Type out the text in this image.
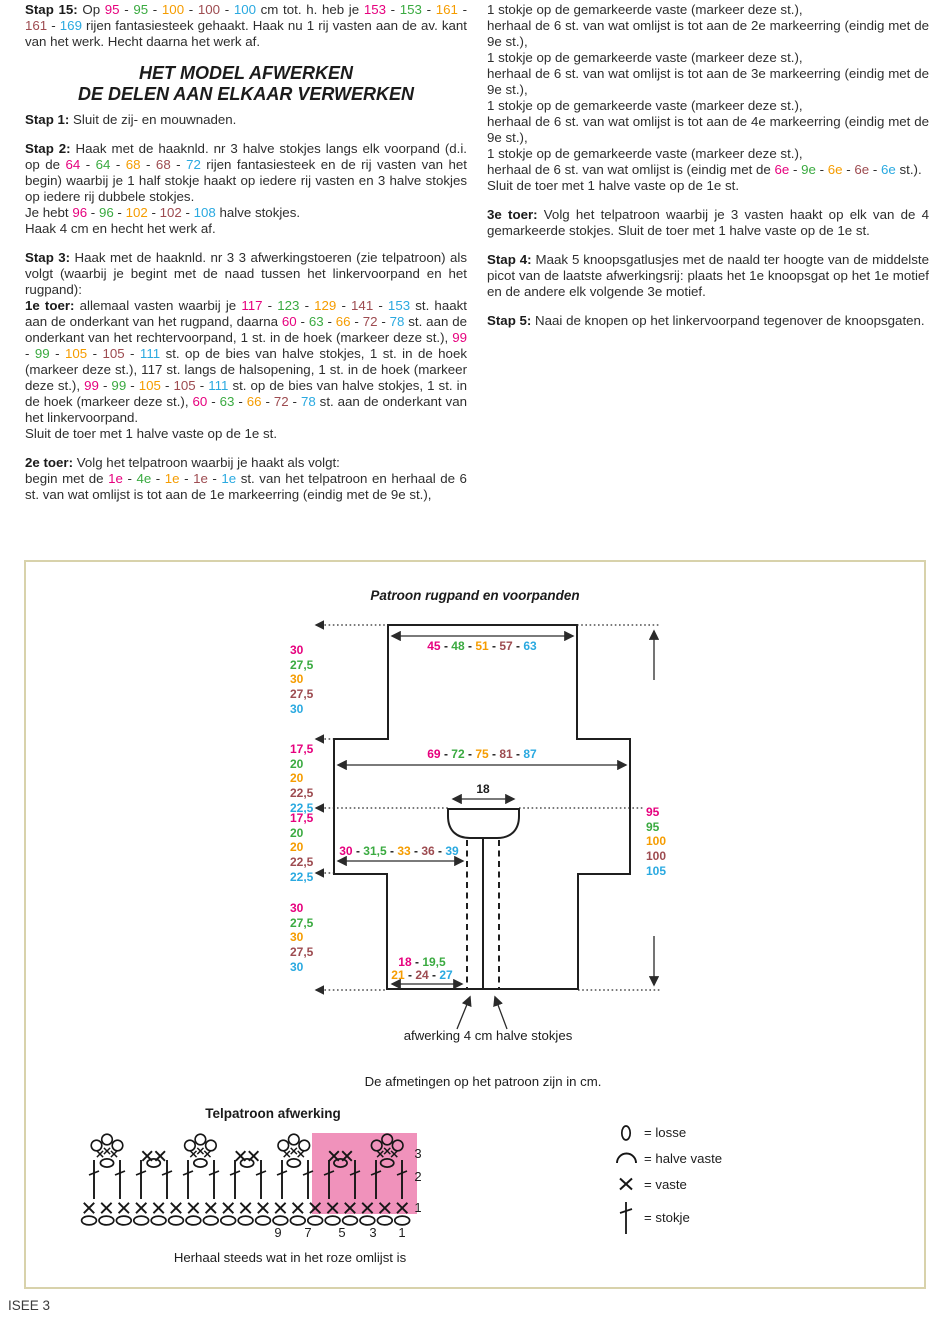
Stap 15: Op 95 - 95 - 100 - 100 - 100 cm tot. h. heb je 153 - 153 - 161 - 161 - 169 rijen fantasiesteek gehaakt. Haak nu 1 rij vasten aan de av. kant van het werk. Hecht daarna het werk af.

HET MODEL AFWERKEN
DE DELEN AAN ELKAAR VERWERKEN

Stap 1: Sluit de zij- en mouwnaden.

Stap 2: Haak met de haaknld. nr 3 halve stokjes langs elk voorpand (d.i. op de 64 - 64 - 68 - 68 - 72 rijen fantasiesteek en de rij vasten van het begin) waarbij je 1 half stokje haakt op iedere rij vasten en 3 halve stokjes op iedere rij dubbele stokjes.
Je hebt 96 - 96 - 102 - 102 - 108 halve stokjes.
Haak 4 cm en hecht het werk af.

Stap 3: Haak met de haaknld. nr 3 3 afwerkingstoeren (zie telpatroon) als volgt (waarbij je begint met de naad tussen het linkervoorpand en het rugpand):
1e toer: allemaal vasten waarbij je 117 - 123 - 129 - 141 - 153 st. haakt aan de onderkant van het rugpand, daarna 60 - 63 - 66 - 72 - 78 st. aan de onderkant van het rechtervoorpand, 1 st. in de hoek (markeer deze st.), 99 - 99 - 105 - 105 - 111 st. op de bies van halve stokjes, 1 st. in de hoek (markeer deze st.), 117 st. langs de halsopening, 1 st. in de hoek (markeer deze st.), 99 - 99 - 105 - 105 - 111 st. op de bies van halve stokjes, 1 st. in de hoek (markeer deze st.), 60 - 63 - 66 - 72 - 78 st. aan de onderkant van het linkervoorpand.
Sluit de toer met 1 halve vaste op de 1e st.

2e toer: Volg het telpatroon waarbij je haakt als volgt:
begin met de 1e - 4e - 1e - 1e - 1e st. van het telpatroon en herhaal de 6 st. van wat omlijst is tot aan de 1e markeerring (eindig met de 9e st.),

1 stokje op de gemarkeerde vaste (markeer deze st.),
herhaal de 6 st. van wat omlijst is tot aan de 2e markeerring (eindig met de 9e st.),
1 stokje op de gemarkeerde vaste (markeer deze st.),
herhaal de 6 st. van wat omlijst is tot aan de 3e markeerring (eindig met de 9e st.),
1 stokje op de gemarkeerde vaste (markeer deze st.),
herhaal de 6 st. van wat omlijst is tot aan de 4e markeerring (eindig met de 9e st.),
1 stokje op de gemarkeerde vaste (markeer deze st.),
herhaal de 6 st. van wat omlijst is (eindig met de 6e - 9e - 6e - 6e - 6e st.).
Sluit de toer met 1 halve vaste op de 1e st.

3e toer: Volg het telpatroon waarbij je 3 vasten haakt op elk van de 4 gemarkeerde stokjes. Sluit de toer met 1 halve vaste op de 1e st.

Stap 4: Maak 5 knoopsgatlusjes met de naald ter hoogte van de middelste picot van de laatste afwerkingsrij: plaats het 1e knoopsgat op het 1e motief en de andere elk volgende 3e motief.

Stap 5: Naai de knopen op het linkervoorpand tegenover de knoopsgaten.

Patroon rugpand en voorpanden
45 - 48 - 51 - 57 - 63
69 - 72 - 75 - 81 - 87
18
30 - 31,5 - 33 - 36 - 39
18 - 19,5
21 - 24 - 27
30
27,5
30
27,5
30
17,5
20
20
22,5
22,5
17,5
20
20
22,5
22,5
30
27,5
30
27,5
30
95
95
100
100
105
afwerking 4 cm halve stokjes
De afmetingen op het patroon zijn in cm.
Telpatroon afwerking
3
2
1
9	7	5	3	1
Herhaal steeds wat in het roze omlijst is
= losse
= halve vaste
= vaste
= stokje
ISEE 3
